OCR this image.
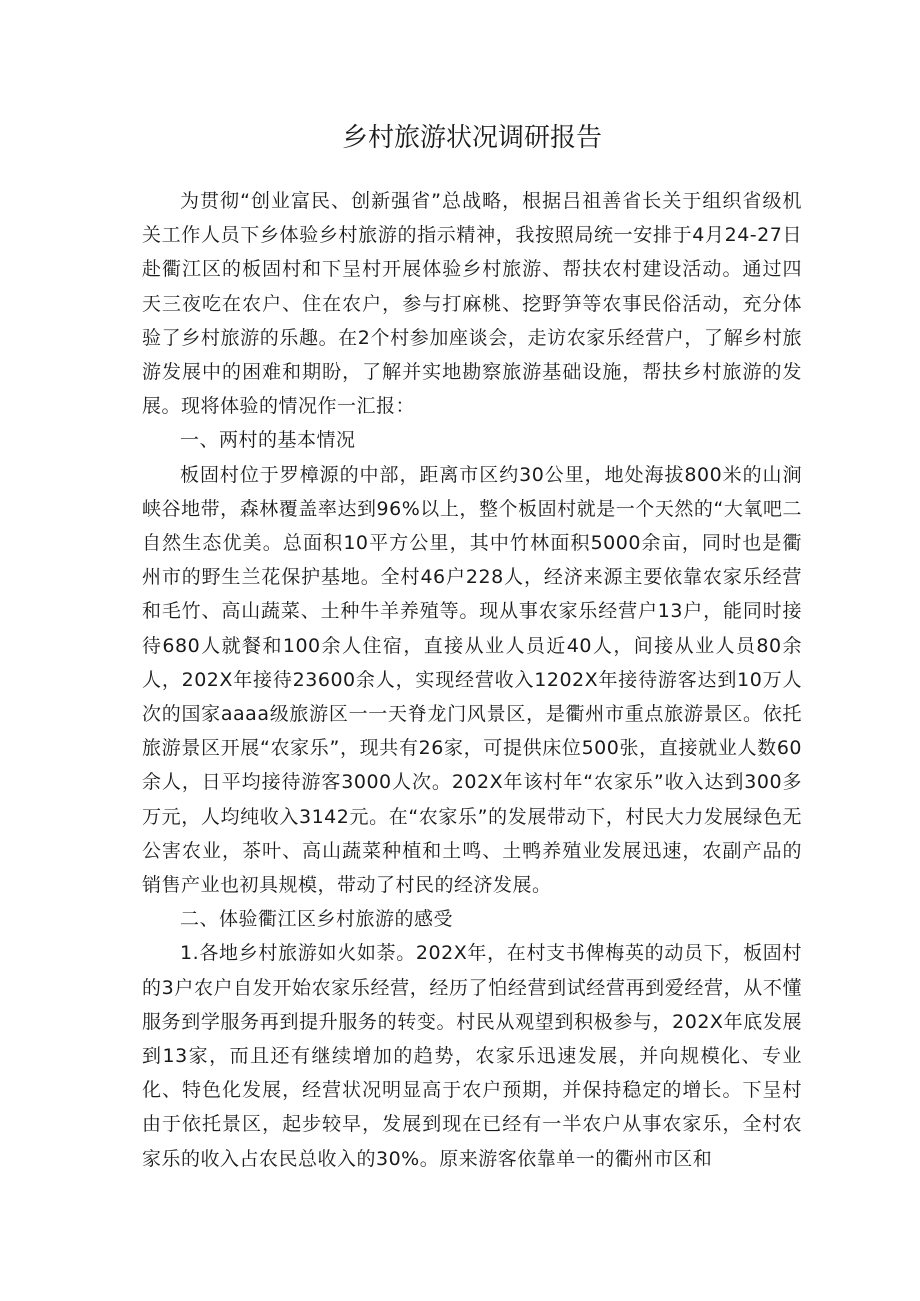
乡村旅游状况调研报告

为贯彻“创业富民、创新强省”总战略，根据吕祖善省长关于组织省级机关工作人员下乡体验乡村旅游的指示精神，我按照局统一安排于4月24-27日赴衢江区的板固村和下呈村开展体验乡村旅游、帮扶农村建设活动。通过四天三夜吃在农户、住在农户，参与打麻桃、挖野笋等农事民俗活动，充分体验了乡村旅游的乐趣。在2个村参加座谈会，走访农家乐经营户，了解乡村旅游发展中的困难和期盼，了解并实地勘察旅游基础设施，帮扶乡村旅游的发展。现将体验的情况作一汇报：

一、两村的基本情况

板固村位于罗樟源的中部，距离市区约30公里，地处海拔800米的山涧峡谷地带，森林覆盖率达到96%以上，整个板固村就是一个天然的“大氧吧二自然生态优美。总面积10平方公里，其中竹林面积5000余亩，同时也是衢州市的野生兰花保护基地。全村46户228人，经济来源主要依靠农家乐经营和毛竹、高山蔬菜、土种牛羊养殖等。现从事农家乐经营户13户，能同时接待680人就餐和100余人住宿，直接从业人员近40人，间接从业人员80余人，202X年接待23600余人，实现经营收入1202X年接待游客达到10万人次的国家aaaa级旅游区一一天脊龙门风景区，是衢州市重点旅游景区。依托旅游景区开展“农家乐”，现共有26家，可提供床位500张，直接就业人数60余人，日平均接待游客3000人次。202X年该村年“农家乐”收入达到300多万元，人均纯收入3142元。在“农家乐”的发展带动下，村民大力发展绿色无公害农业，茶叶、高山蔬菜种植和土鸣、土鸭养殖业发展迅速，农副产品的销售产业也初具规模，带动了村民的经济发展。

二、体验衢江区乡村旅游的感受

1.各地乡村旅游如火如荼。202X年，在村支书俾梅英的动员下，板固村的3户农户自发开始农家乐经营，经历了怕经营到试经营再到爱经营，从不懂服务到学服务再到提升服务的转变。村民从观望到积极参与，202X年底发展到13家，而且还有继续增加的趋势，农家乐迅速发展，并向规模化、专业化、特色化发展，经营状况明显高于农户预期，并保持稳定的增长。下呈村由于依托景区，起步较早，发展到现在已经有一半农户从事农家乐，全村农家乐的收入占农民总收入的30%。原来游客依靠单一的衢州市区和
